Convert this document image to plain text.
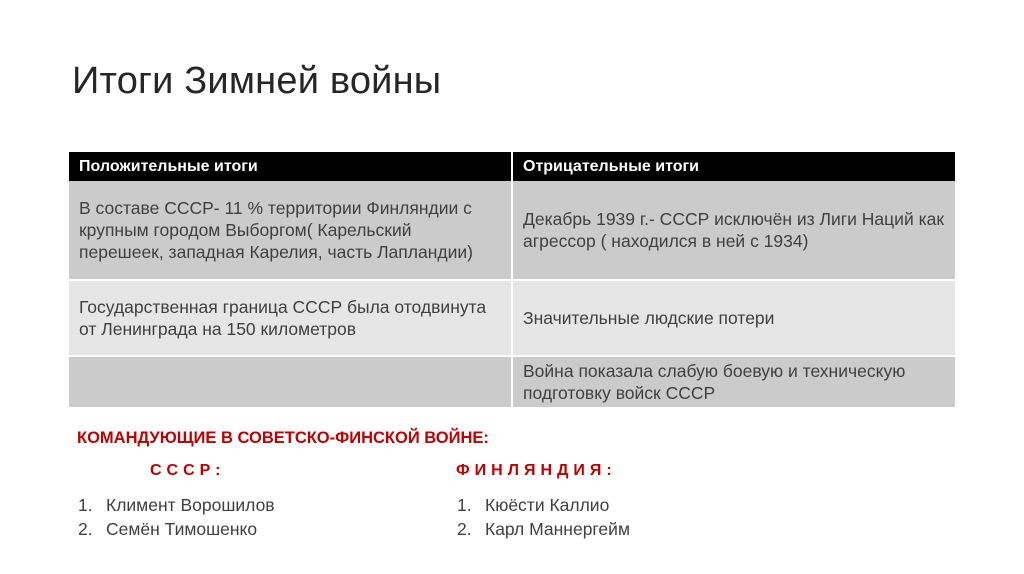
Итоги Зимней войны
Положительные итоги	Отрицательные итоги
В составе СССР- 11 % территории Финляндии с крупным городом Выборгом( Карельский перешеек, западная Карелия, часть Лапландии)	Декабрь 1939 г.- СССР исключён из Лиги Наций как агрессор ( находился в ней с 1934)
Государственная граница СССР была отодвинута от Ленинграда на 150 километров	Значительные людские потери
	Война показала слабую боевую и техническую подготовку войск СССР

КОМАНДУЮЩИЕ В СОВЕТСКО-ФИНСКОЙ ВОЙНЕ:

СССР:	ФИНЛЯНДИЯ:

1. Климент Ворошилов
2. Семён Тимошенко
1. Кюёсти Каллио
2. Карл Маннергейм
